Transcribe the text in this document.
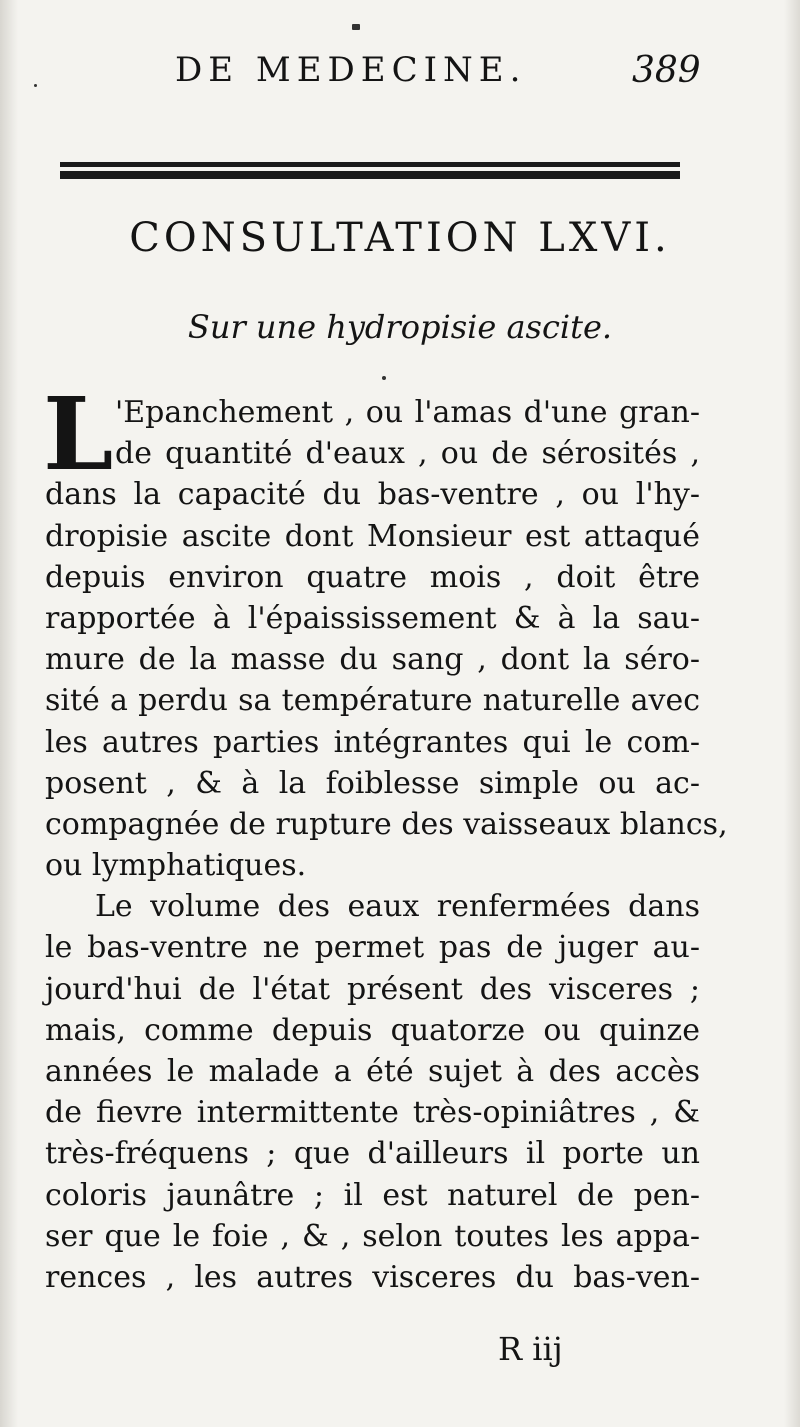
DE MEDECINE.	389
CONSULTATION LXVI.
Sur une hydropisie ascite.
L 'Epanchement , ou l'amas d'une gran-
de quantité d'eaux , ou de sérosités ,
dans la capacité du bas-ventre , ou l'hy-
dropisie ascite dont Monsieur est attaqué
depuis environ quatre mois , doit être
rapportée à l'épaississement & à la sau-
mure de la masse du sang , dont la séro-
sité a perdu sa température naturelle avec
les autres parties intégrantes qui le com-
posent , & à la foiblesse simple ou ac-
compagnée de rupture des vaisseaux blancs,
ou lymphatiques.
Le volume des eaux renfermées dans
le bas-ventre ne permet pas de juger au-
jourd'hui de l'état présent des visceres ;
mais, comme depuis quatorze ou quinze
années le malade a été sujet à des accès
de fievre intermittente très-opiniâtres , &
très-fréquens ; que d'ailleurs il porte un
coloris jaunâtre ; il est naturel de pen-
ser que le foie , & , selon toutes les appa-
rences , les autres visceres du bas-ven-
R iij
